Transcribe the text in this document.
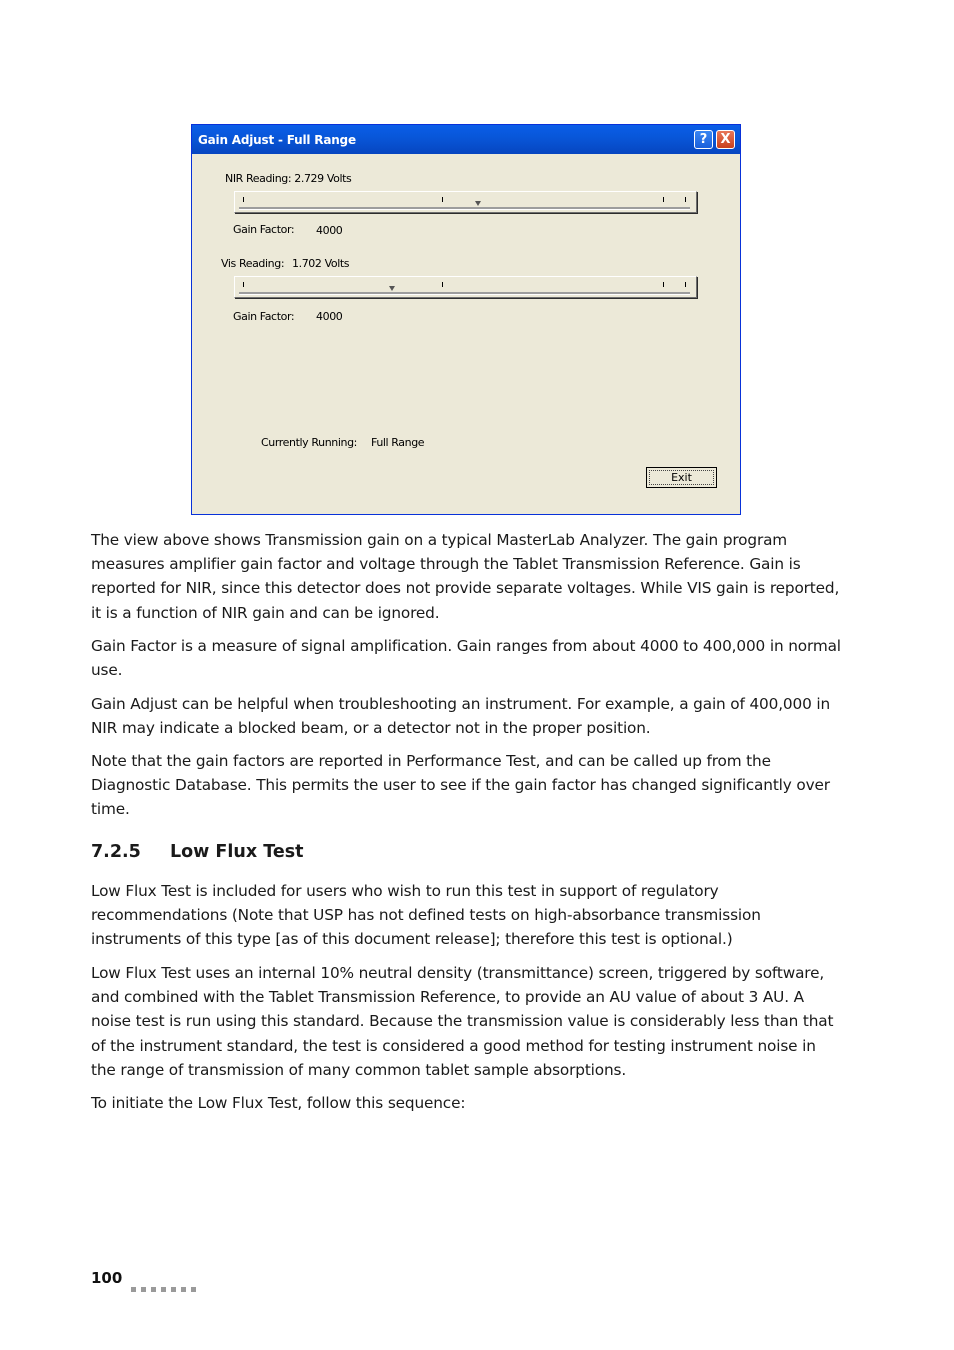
Gain Adjust - Full Range	?	X
NIR Reading: 2.729 Volts
Gain Factor: 4000
Vis Reading: 1.702 Volts
Gain Factor: 4000
Currently Running: Full Range
Exit

The view above shows Transmission gain on a typical MasterLab Analyzer. The gain program measures amplifier gain factor and voltage through the Tablet Transmission Reference. Gain is reported for NIR, since this detector does not provide separate voltages. While VIS gain is reported, it is a function of NIR gain and can be ignored.

Gain Factor is a measure of signal amplification. Gain ranges from about 4000 to 400,000 in normal use.

Gain Adjust can be helpful when troubleshooting an instrument. For example, a gain of 400,000 in NIR may indicate a blocked beam, or a detector not in the proper position.

Note that the gain factors are reported in Performance Test, and can be called up from the Diagnostic Database. This permits the user to see if the gain factor has changed significantly over time.

7.2.5 Low Flux Test

Low Flux Test is included for users who wish to run this test in support of regulatory recommendations (Note that USP has not defined tests on high-absorbance transmission instruments of this type [as of this document release]; therefore this test is optional.)

Low Flux Test uses an internal 10% neutral density (transmittance) screen, triggered by software, and combined with the Tablet Transmission Reference, to provide an AU value of about 3 AU. A noise test is run using this standard. Because the transmission value is considerably less than that of the instrument standard, the test is considered a good method for testing instrument noise in the range of transmission of many common tablet sample absorptions.

To initiate the Low Flux Test, follow this sequence:

100
